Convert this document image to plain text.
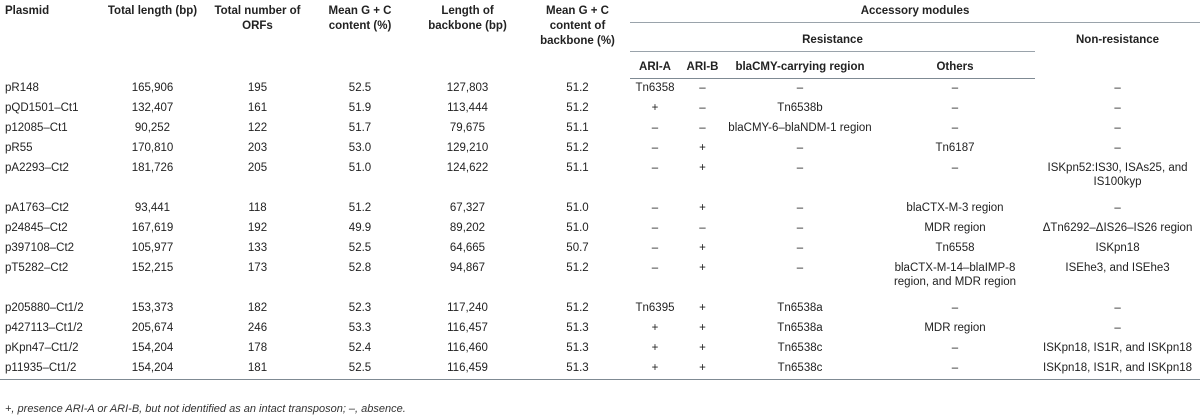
Plasmid	Total length (bp)	Total number of ORFs	Mean G + C content (%)	Length of backbone (bp)	Mean G + C content of backbone (%)	Accessory modules				
						Resistance				Non-resistance
						ARI-A	ARI-B	blaCMY-carrying region	Others	
pR148	165,906	195	52.5	127,803	51.2	Tn6358	–	–	–	–
pQD1501–Ct1	132,407	161	51.9	113,444	51.2	+	–	Tn6538b	–	–
p12085–Ct1	90,252	122	51.7	79,675	51.1	–	–	blaCMY-6–blaNDM-1 region	–	–
pR55	170,810	203	53.0	129,210	51.2	–	+	–	Tn6187	–
pA2293–Ct2	181,726	205	51.0	124,622	51.1	–	+	–	–	ISKpn52:IS30, ISAs25, and IS100kyp
pA1763–Ct2	93,441	118	51.2	67,327	51.0	–	+	–	blaCTX-M-3 region	–
p24845–Ct2	167,619	192	49.9	89,202	51.0	–	–	–	MDR region	ΔTn6292–ΔIS26–IS26 region
p397108–Ct2	105,977	133	52.5	64,665	50.7	–	+	–	Tn6558	ISKpn18
pT5282–Ct2	152,215	173	52.8	94,867	51.2	–	+	–	blaCTX-M-14–blaIMP-8 region, and MDR region	ISEhe3, and ISEhe3
p205880–Ct1/2	153,373	182	52.3	117,240	51.2	Tn6395	+	Tn6538a	–	–
p427113–Ct1/2	205,674	246	53.3	116,457	51.3	+	+	Tn6538a	MDR region	–
pKpn47–Ct1/2	154,204	178	52.4	116,460	51.3	+	+	Tn6538c	–	ISKpn18, IS1R, and ISKpn18
p11935–Ct1/2	154,204	181	52.5	116,459	51.3	+	+	Tn6538c	–	ISKpn18, IS1R, and ISKpn18
+, presence ARI-A or ARI-B, but not identified as an intact transposon; –, absence.
